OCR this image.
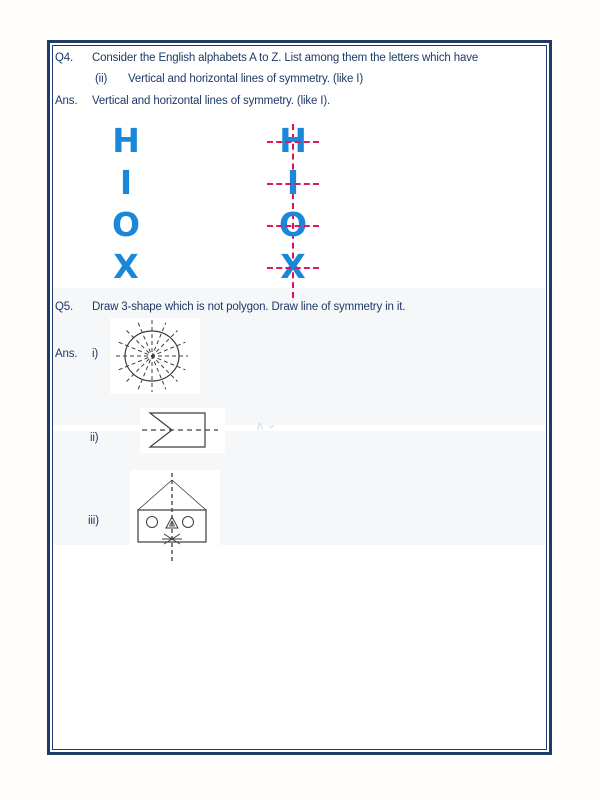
Q4. Consider the English alphabets A to Z. List among them the letters which have
(ii) Vertical and horizontal lines of symmetry. (like I)
Ans. Vertical and horizontal lines of symmetry. (like I).
H
I
O
X
H
I
O
X
Q5. Draw 3-shape which is not polygon. Draw line of symmetry in it.
Ans. i)
ii)
iii)
∧⌄
